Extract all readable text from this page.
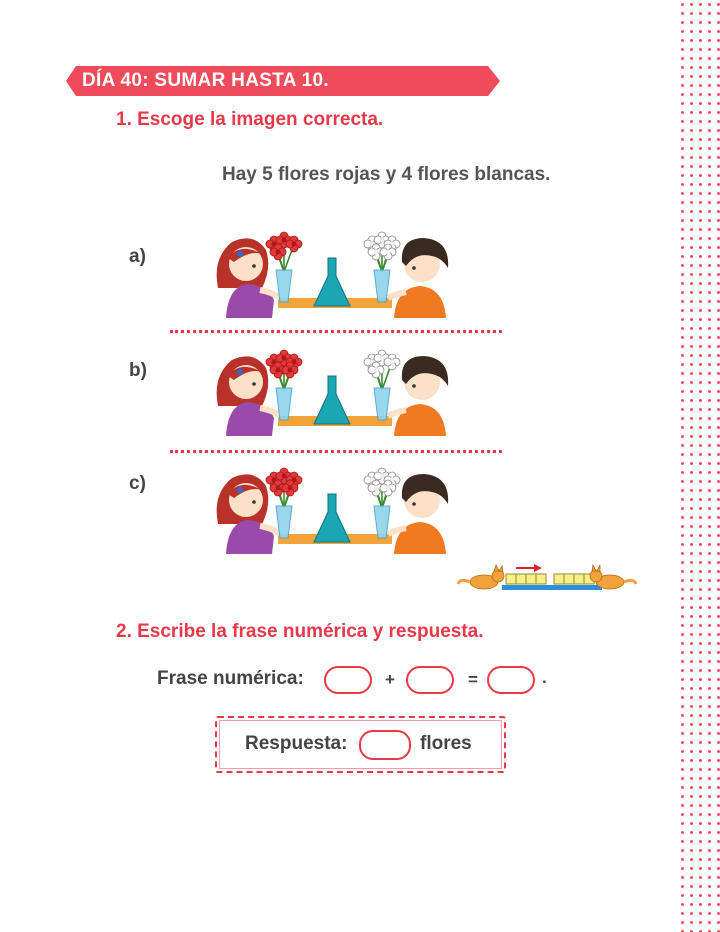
DÍA 40: SUMAR HASTA 10.
1. Escoge la imagen correcta.
Hay 5 flores rojas y 4 flores blancas.
a)
b)
c)
2. Escribe la frase numérica y respuesta.
Frase numérica:	+	=	.
Respuesta:	flores
